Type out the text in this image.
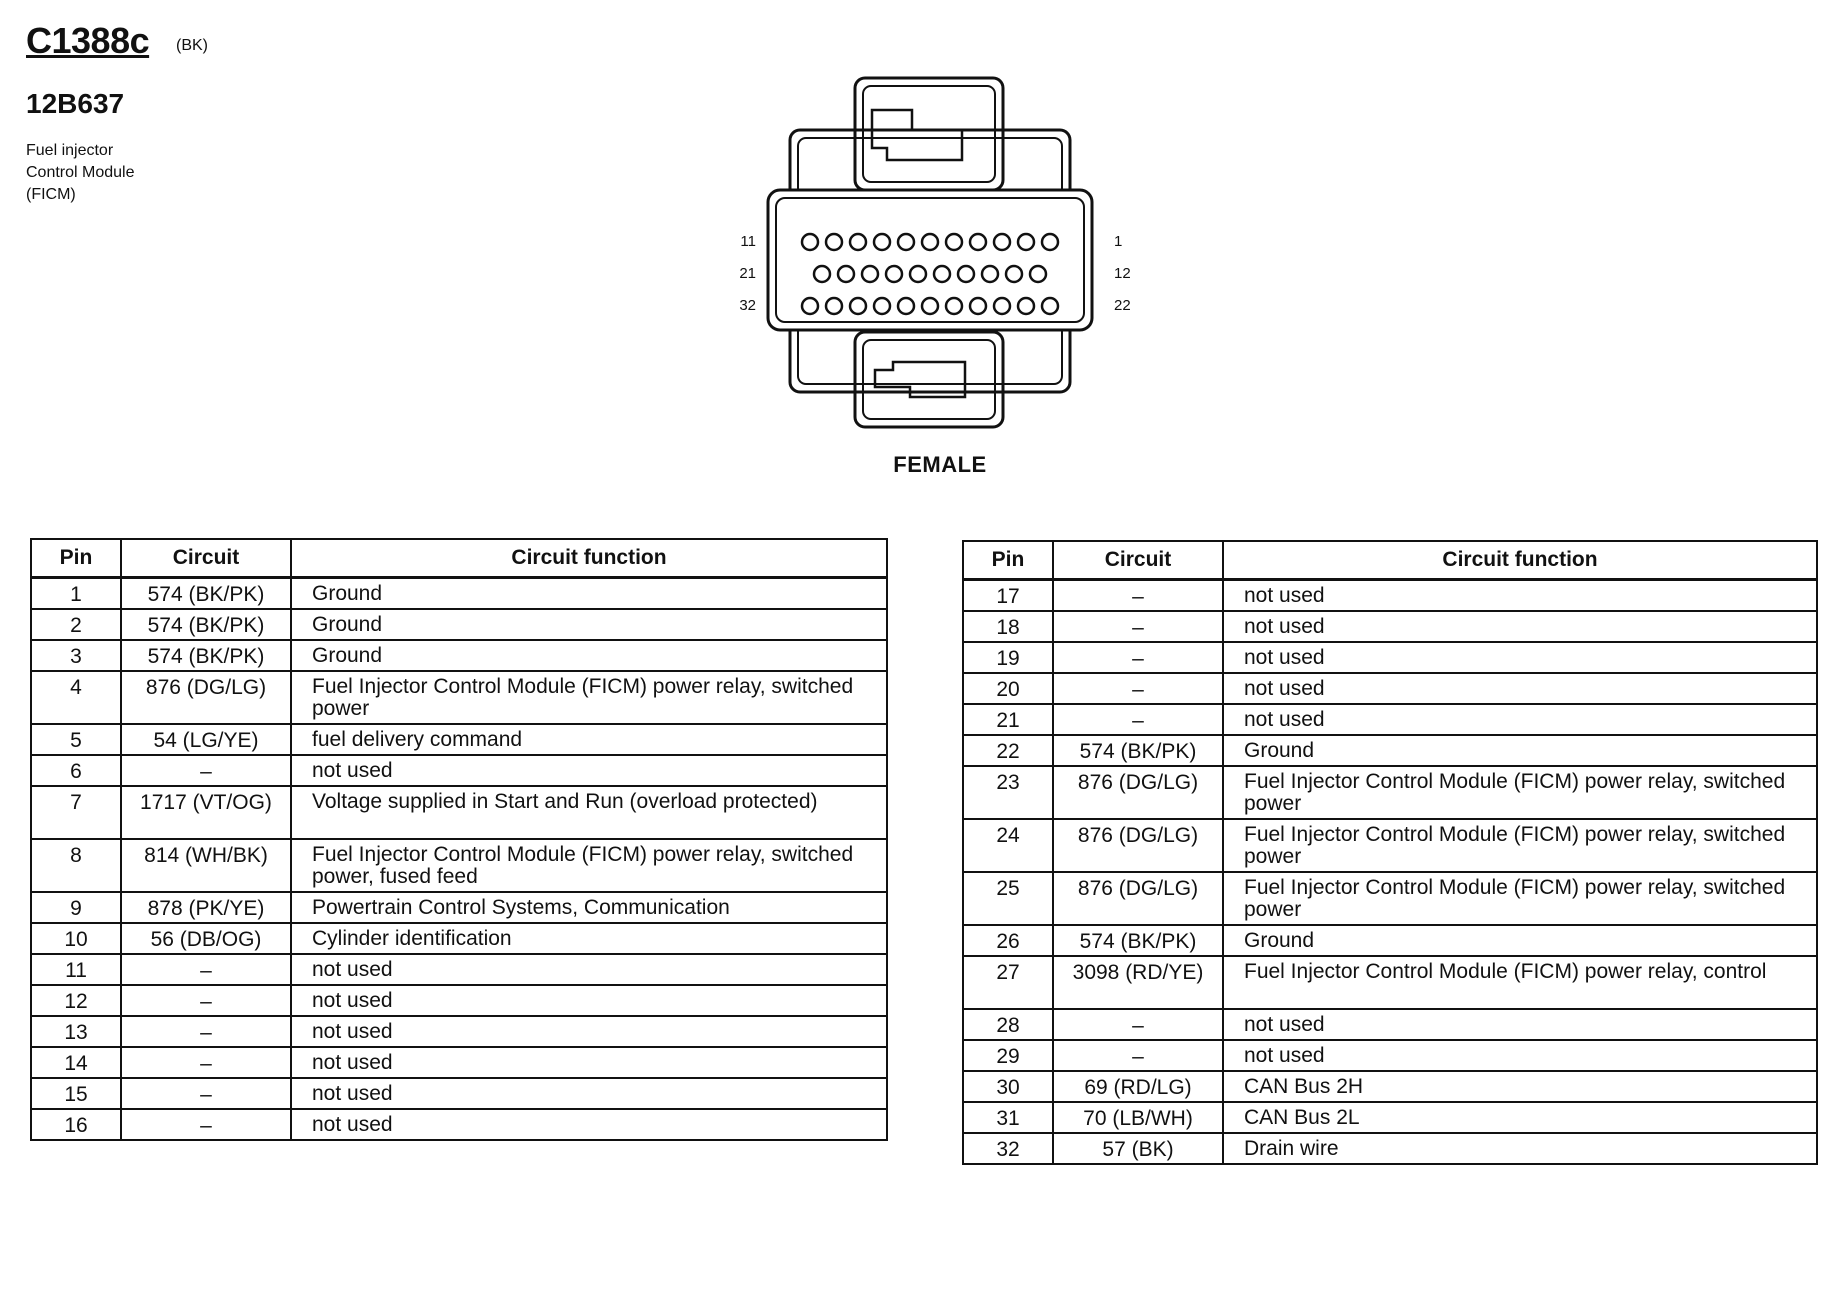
C1388c (BK)
12B637
Fuel injector
Control Module
(FICM)
11
21
32
1
12
22
FEMALE
Pin	Circuit	Circuit function
1	574 (BK/PK)	Ground
2	574 (BK/PK)	Ground
3	574 (BK/PK)	Ground
4	876 (DG/LG)	Fuel Injector Control Module (FICM) power relay, switched power
5	54 (LG/YE)	fuel delivery command
6	–	not used
7	1717 (VT/OG)	Voltage supplied in Start and Run (overload protected)
8	814 (WH/BK)	Fuel Injector Control Module (FICM) power relay, switched power, fused feed
9	878 (PK/YE)	Powertrain Control Systems, Communication
10	56 (DB/OG)	Cylinder identification
11	–	not used
12	–	not used
13	–	not used
14	–	not used
15	–	not used
16	–	not used
Pin	Circuit	Circuit function
17	–	not used
18	–	not used
19	–	not used
20	–	not used
21	–	not used
22	574 (BK/PK)	Ground
23	876 (DG/LG)	Fuel Injector Control Module (FICM) power relay, switched power
24	876 (DG/LG)	Fuel Injector Control Module (FICM) power relay, switched power
25	876 (DG/LG)	Fuel Injector Control Module (FICM) power relay, switched power
26	574 (BK/PK)	Ground
27	3098 (RD/YE)	Fuel Injector Control Module (FICM) power relay, control
28	–	not used
29	–	not used
30	69 (RD/LG)	CAN Bus 2H
31	70 (LB/WH)	CAN Bus 2L
32	57 (BK)	Drain wire
